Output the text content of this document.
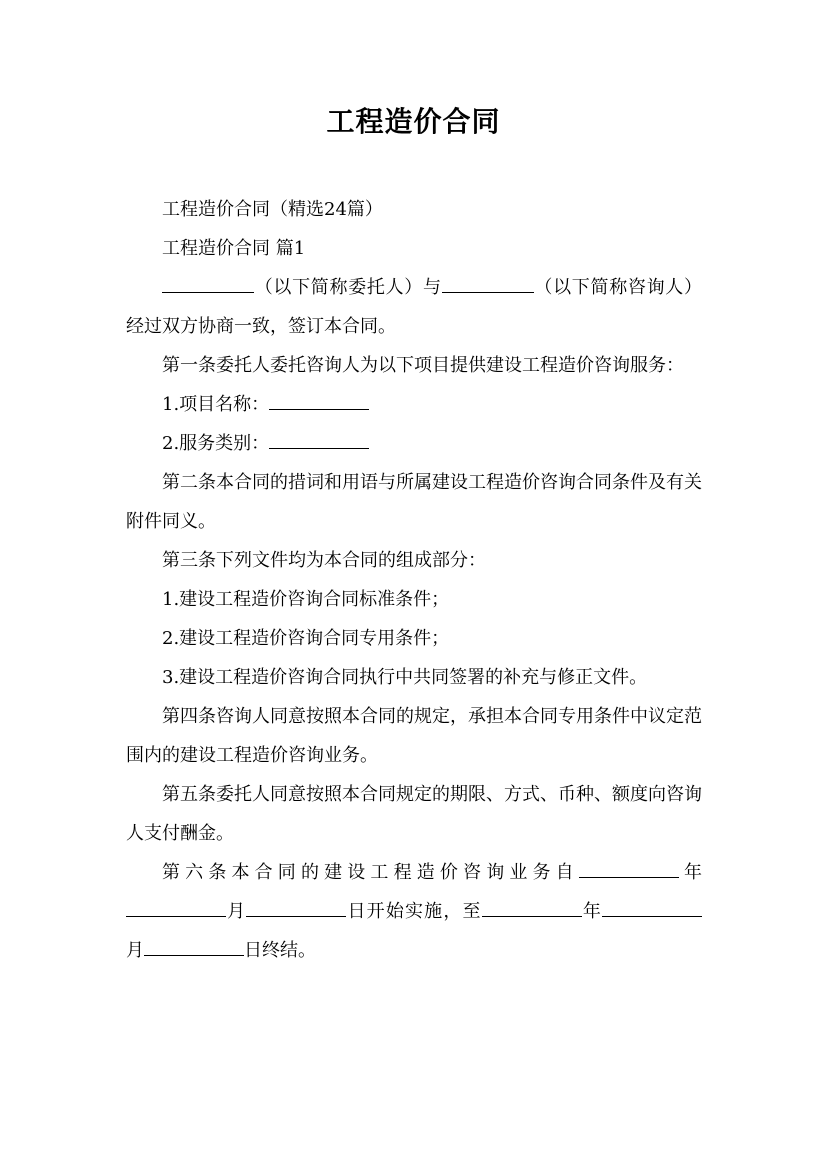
工程造价合同

工程造价合同（精选24篇）

工程造价合同 篇1

（以下简称委托人）与	（以下简称咨询人）经过双方协商一致，签订本合同。

第一条委托人委托咨询人为以下项目提供建设工程造价咨询服务：

1.项目名称：

2.服务类别：

第二条本合同的措词和用语与所属建设工程造价咨询合同条件及有关附件同义。

第三条下列文件均为本合同的组成部分：

1.建设工程造价咨询合同标准条件；

2.建设工程造价咨询合同专用条件；

3.建设工程造价咨询合同执行中共同签署的补充与修正文件。

第四条咨询人同意按照本合同的规定，承担本合同专用条件中议定范围内的建设工程造价咨询业务。

第五条委托人同意按照本合同规定的期限、方式、币种、额度向咨询人支付酬金。

第六条本合同的建设工程造价咨询业务自	年月	日开始实施，至	年月	日终结。
